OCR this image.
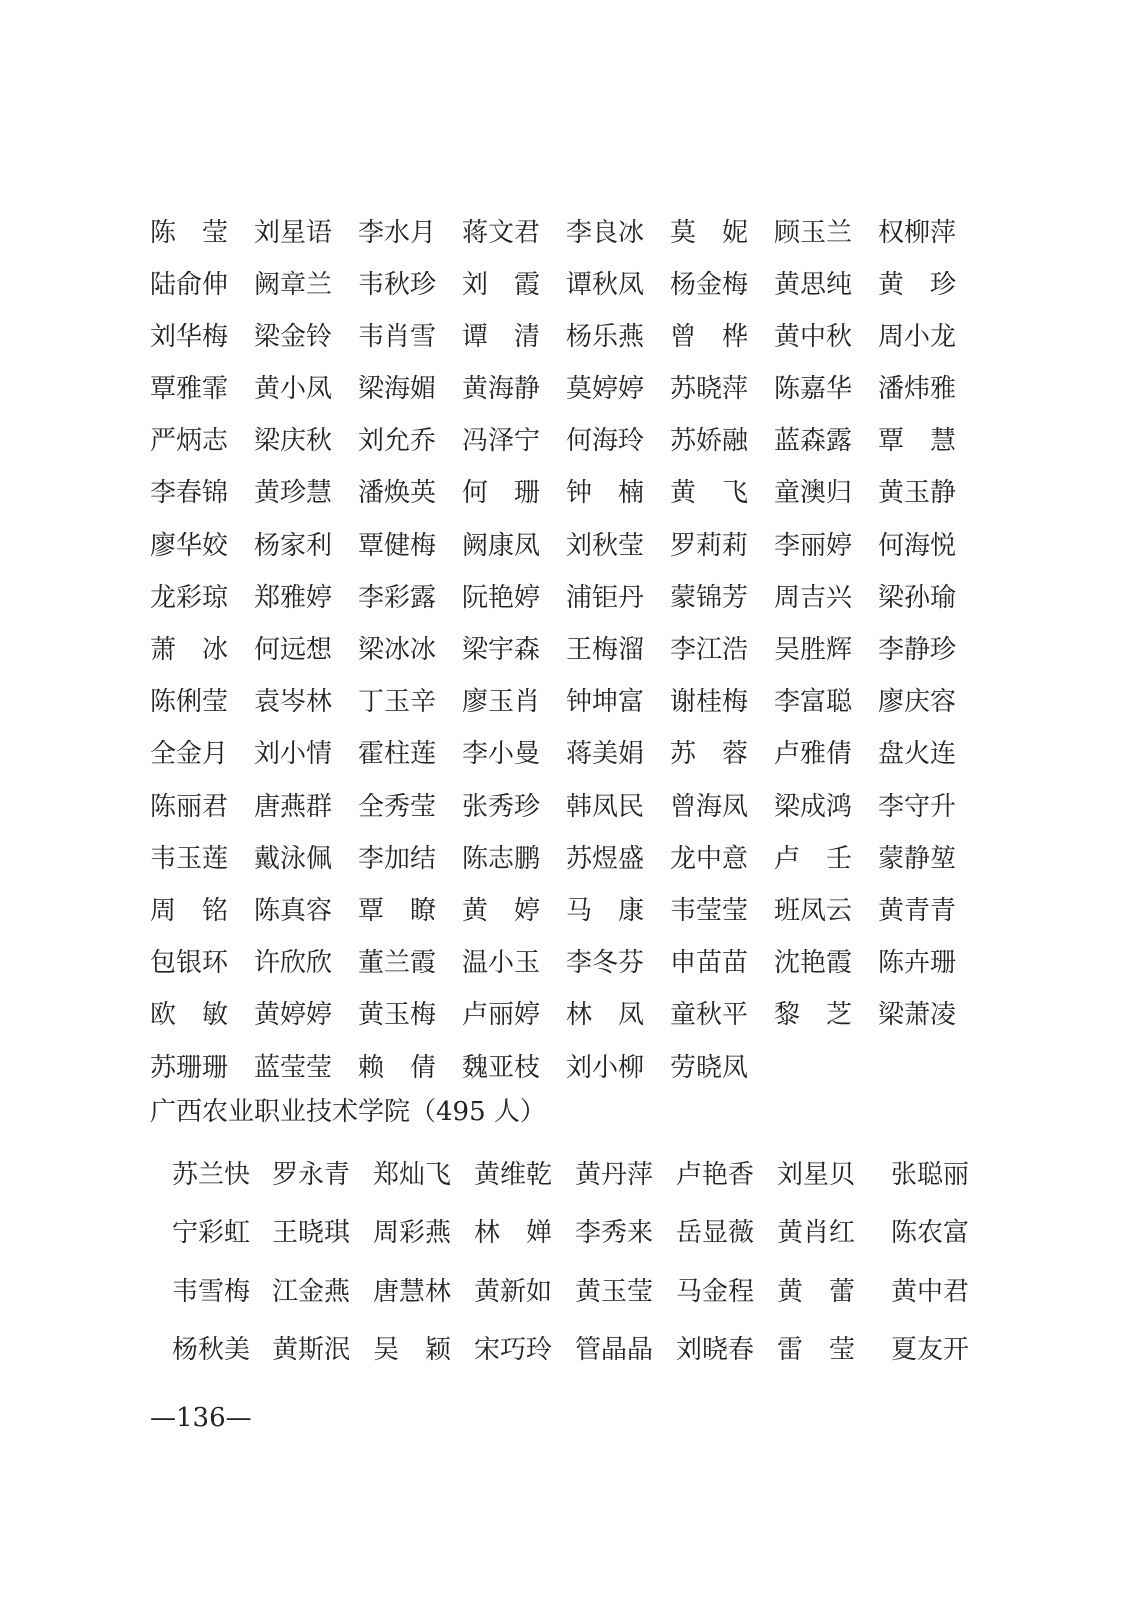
陈 莹 刘星语 李水月 蒋文君 李良冰 莫 妮 顾玉兰 权柳萍
陆俞伸 阙章兰 韦秋珍 刘 霞 谭秋凤 杨金梅 黄思纯 黄 珍
刘华梅 梁金铃 韦肖雪 谭 清 杨乐燕 曾 桦 黄中秋 周小龙
覃雅霏 黄小凤 梁海媚 黄海静 莫婷婷 苏晓萍 陈嘉华 潘炜雅
严炳志 梁庆秋 刘允乔 冯泽宁 何海玲 苏娇融 蓝森露 覃 慧
李春锦 黄珍慧 潘焕英 何 珊 钟 楠 黄 飞 童澳归 黄玉静
廖华姣 杨家利 覃健梅 阙康凤 刘秋莹 罗莉莉 李丽婷 何海悦
龙彩琼 郑雅婷 李彩露 阮艳婷 浦钜丹 蒙锦芳 周吉兴 梁孙瑜
萧 冰 何远想 梁冰冰 梁宇森 王梅溜 李江浩 吴胜辉 李静珍
陈俐莹 袁岑林 丁玉辛 廖玉肖 钟坤富 谢桂梅 李富聪 廖庆容
全金月 刘小情 霍柱莲 李小曼 蒋美娟 苏 蓉 卢雅倩 盘火连
陈丽君 唐燕群 全秀莹 张秀珍 韩凤民 曾海凤 梁成鸿 李守升
韦玉莲 戴泳佩 李加结 陈志鹏 苏煜盛 龙中意 卢 壬 蒙静堃
周 铭 陈真容 覃 瞭 黄 婷 马 康 韦莹莹 班凤云 黄青青
包银环 许欣欣 董兰霞 温小玉 李冬芬 申苗苗 沈艳霞 陈卉珊
欧 敏 黄婷婷 黄玉梅 卢丽婷 林 凤 童秋平 黎 芝 梁萧凌
苏珊珊 蓝莹莹 赖 倩 魏亚枝 刘小柳 劳晓凤
广西农业职业技术学院（495 人）
苏兰快 罗永青 郑灿飞 黄维乾 黄丹萍 卢艳香 刘星贝 张聪丽
宁彩虹 王晓琪 周彩燕 林 婵 李秀来 岳显薇 黄肖红 陈农富
韦雪梅 江金燕 唐慧林 黄新如 黄玉莹 马金程 黄 蕾 黄中君
杨秋美 黄斯泯 吴 颖 宋巧玲 管晶晶 刘晓春 雷 莹 夏友开
—136—
